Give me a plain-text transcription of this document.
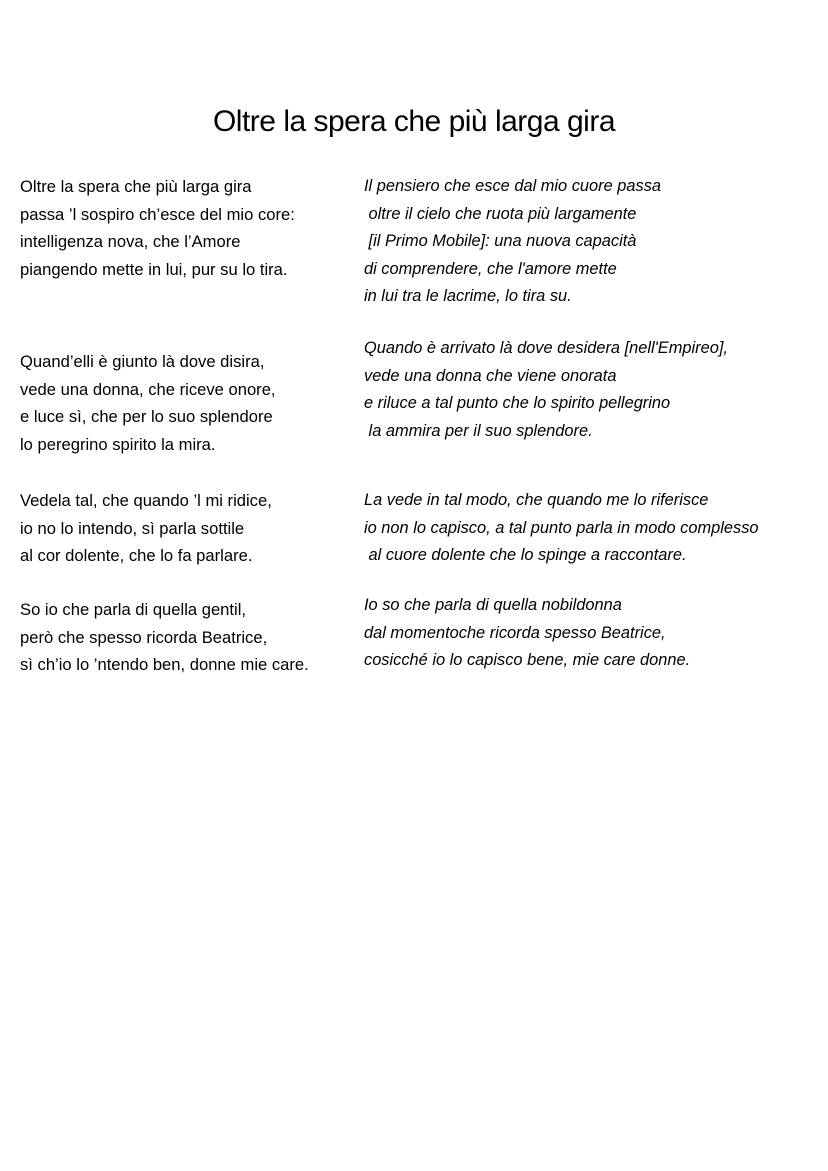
Oltre la spera che più larga gira
Oltre la spera che più larga gira
passa ’l sospiro ch’esce del mio core:
intelligenza nova, che l’Amore
piangendo mette in lui, pur su lo tira.
Il pensiero che esce dal mio cuore passa
oltre il cielo che ruota più largamente
[il Primo Mobile]: una nuova capacità
di comprendere, che l'amore mette
in lui tra le lacrime, lo tira su.
Quand’elli è giunto là dove disira,
vede una donna, che riceve onore,
e luce sì, che per lo suo splendore
lo peregrino spirito la mira.
Quando è arrivato là dove desidera [nell'Empireo],
vede una donna che viene onorata
e riluce a tal punto che lo spirito pellegrino
la ammira per il suo splendore.
Vedela tal, che quando ’l mi ridice,
io no lo intendo, sì parla sottile
al cor dolente, che lo fa parlare.
La vede in tal modo, che quando me lo riferisce
io non lo capisco, a tal punto parla in modo complesso
al cuore dolente che lo spinge a raccontare.
So io che parla di quella gentil,
però che spesso ricorda Beatrice,
sì ch’io lo ’ntendo ben, donne mie care.
Io so che parla di quella nobildonna
dal momentoche ricorda spesso Beatrice,
cosicché io lo capisco bene, mie care donne.
